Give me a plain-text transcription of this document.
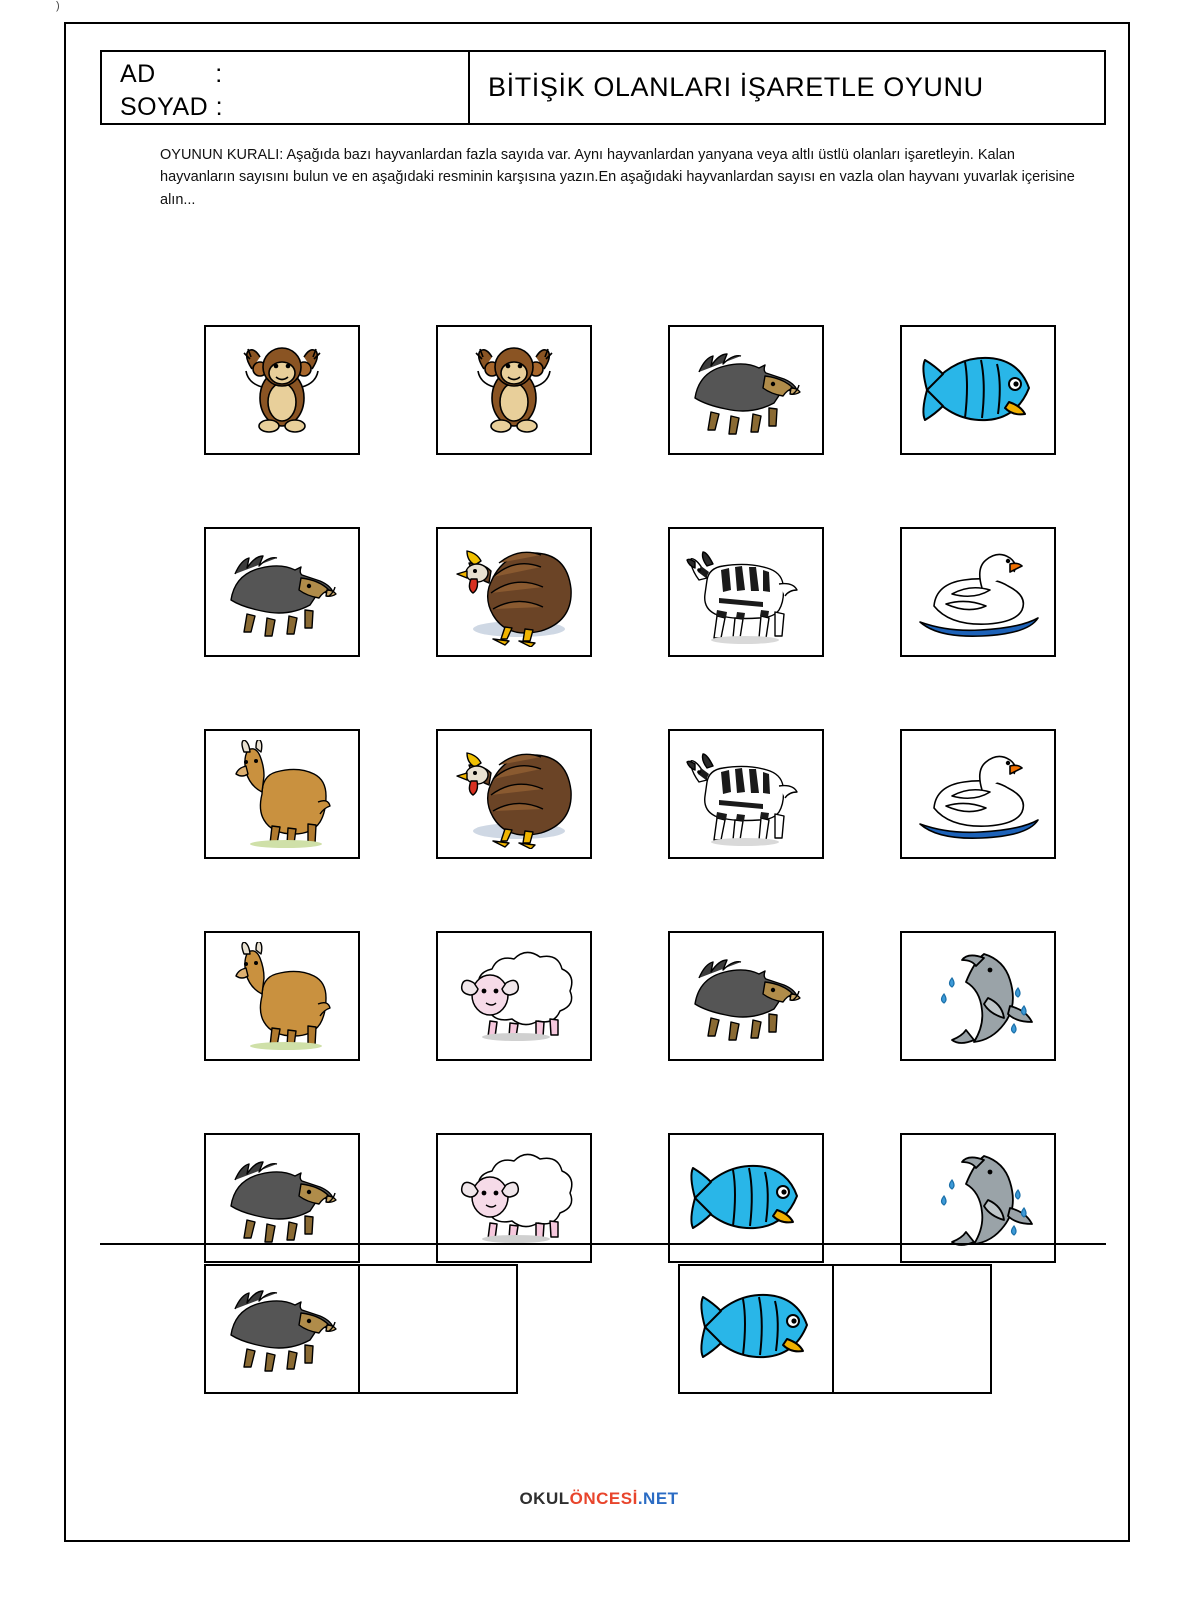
)
AD        :
SOYAD :
BİTİŞİK OLANLARI İŞARETLE OYUNU
OYUNUN KURALI: Aşağıda bazı hayvanlardan fazla sayıda var. Aynı hayvanlardan yanyana veya altlı üstlü olanları işaretleyin. Kalan hayvanların sayısını bulun ve en aşağıdaki resminin karşısına yazın.En aşağıdaki hayvanlardan sayısı en vazla olan hayvanı yuvarlak içerisine alın...
OKULÖNCESİ.NET
